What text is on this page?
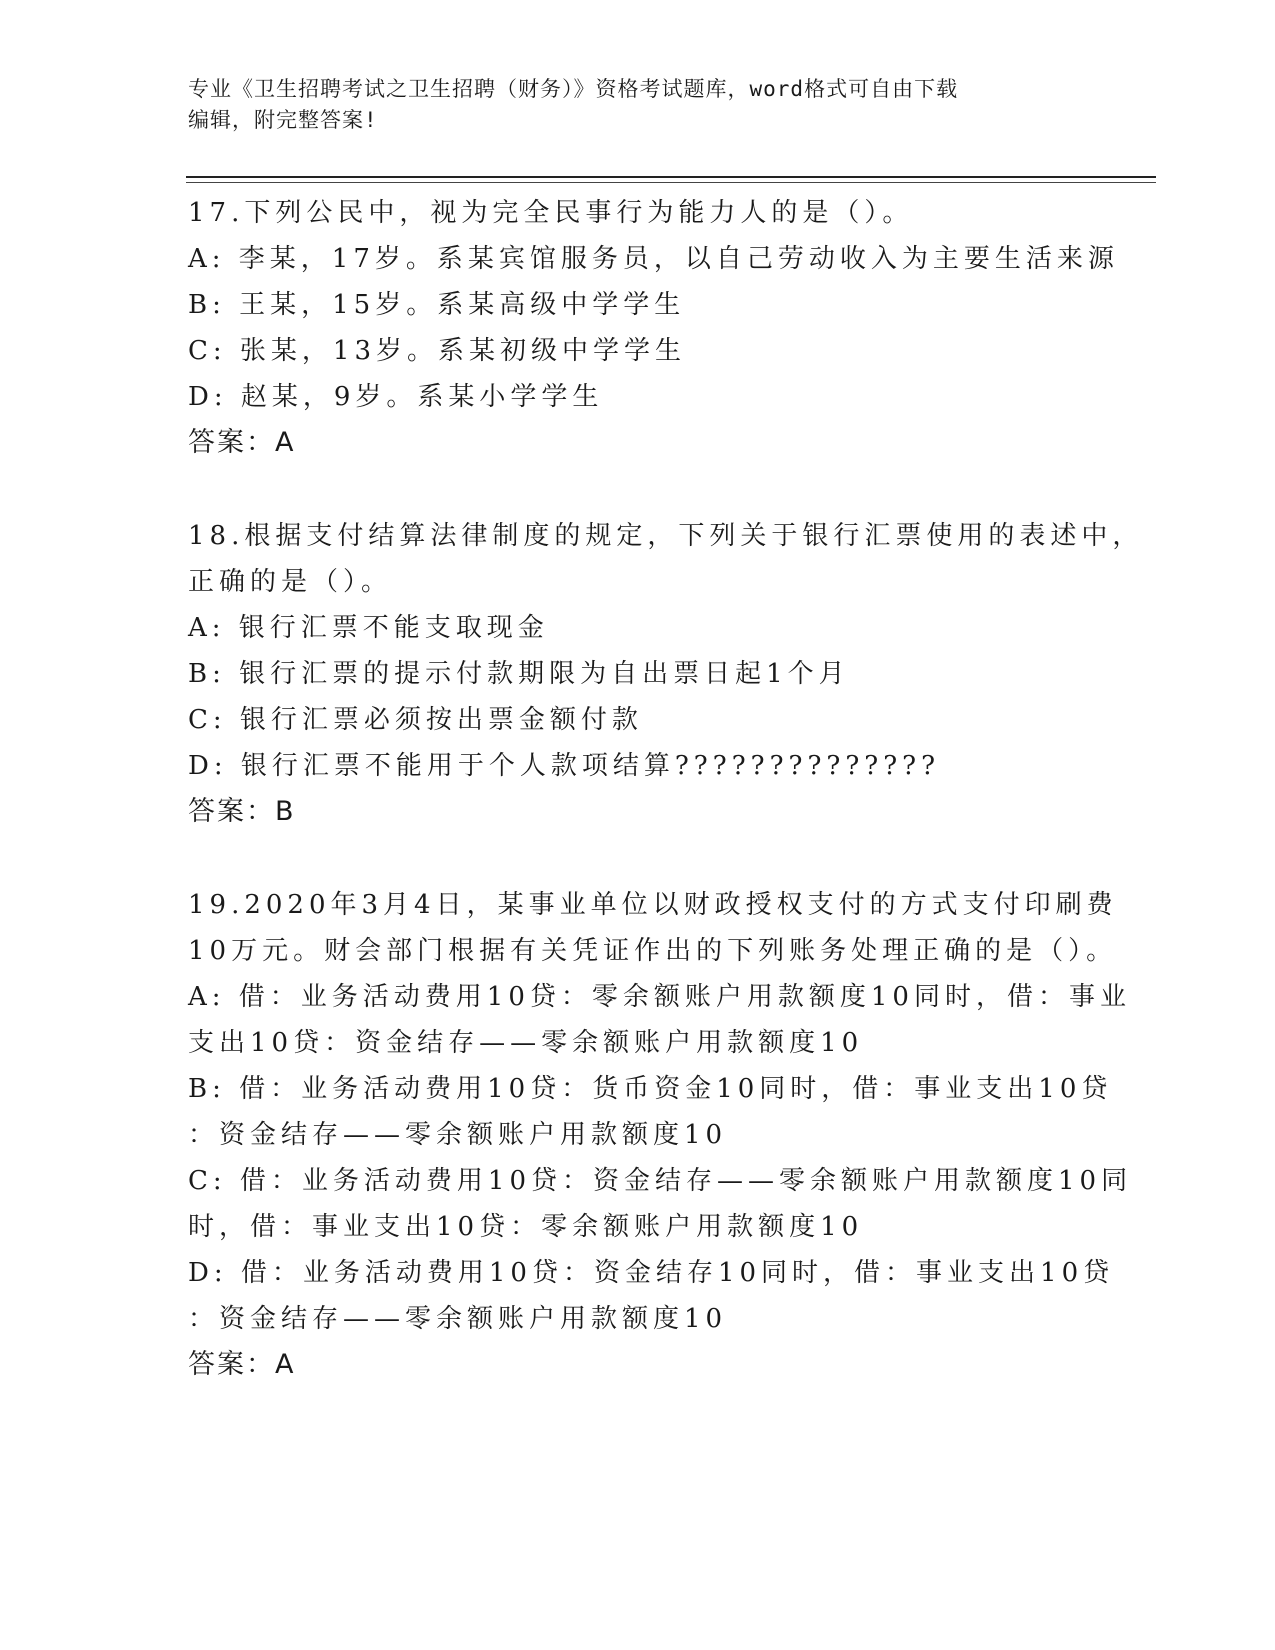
专业《卫生招聘考试之卫生招聘（财务）》资格考试题库，word格式可自由下载
编辑，附完整答案!
17.下列公民中，视为完全民事行为能力人的是（）。
A: 李某，17岁。系某宾馆服务员，以自己劳动收入为主要生活来源
B: 王某，15岁。系某高级中学学生
C: 张某，13岁。系某初级中学学生
D: 赵某，9岁。系某小学学生
答案：A
18.根据支付结算法律制度的规定，下列关于银行汇票使用的表述中，
正确的是（）。
A: 银行汇票不能支取现金
B: 银行汇票的提示付款期限为自出票日起1个月
C: 银行汇票必须按出票金额付款
D: 银行汇票不能用于个人款项结算??????????????
答案：B
19.2020年3月4日，某事业单位以财政授权支付的方式支付印刷费
10万元。财会部门根据有关凭证作出的下列账务处理正确的是（）。
A: 借：业务活动费用10贷：零余额账户用款额度10同时，借：事业
支出10贷：资金结存——零余额账户用款额度10
B: 借：业务活动费用10贷：货币资金10同时，借：事业支出10贷
：资金结存——零余额账户用款额度10
C: 借：业务活动费用10贷：资金结存——零余额账户用款额度10同
时，借：事业支出10贷：零余额账户用款额度10
D: 借：业务活动费用10贷：资金结存10同时，借：事业支出10贷
：资金结存——零余额账户用款额度10
答案：A
